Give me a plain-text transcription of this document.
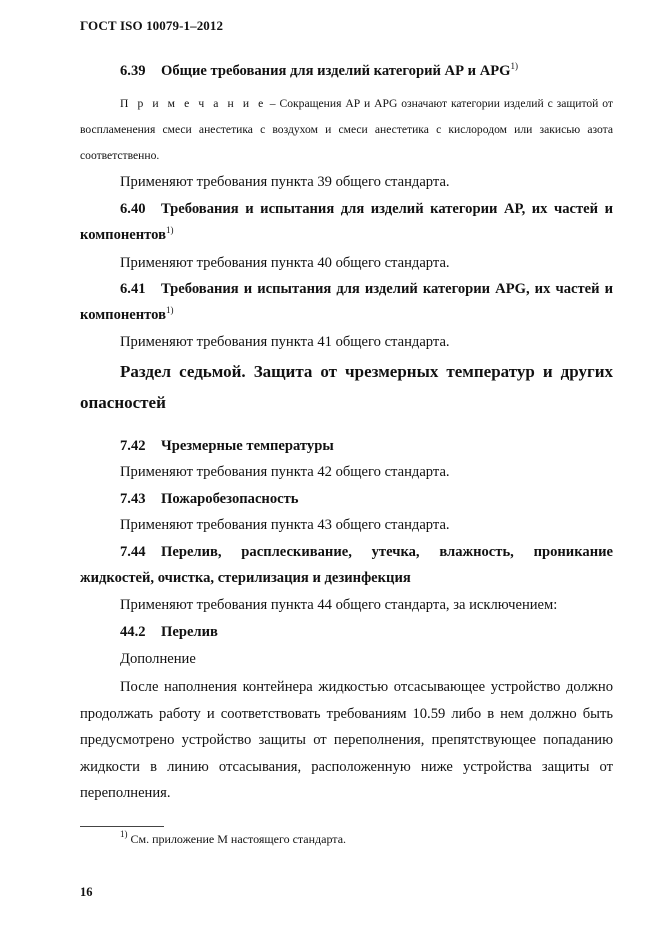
ГОСТ ISO 10079-1–2012

6.39 Общие требования для изделий категорий АР и APG$^{1)}$

П р и м е ч а н и е – Сокращения АР и APG означают категории изделий с защитой от воспламенения смеси анестетика с воздухом и смеси анестетика с кислородом или закисью азота соответственно.

Применяют требования пункта 39 общего стандарта.

6.40 Требования и испытания для изделий категории АР, их частей и компонентов$^{1)}$

Применяют требования пункта 40 общего стандарта.

6.41 Требования и испытания для изделий категории APG, их частей и компонентов$^{1)}$

Применяют требования пункта 41 общего стандарта.

Раздел седьмой. Защита от чрезмерных температур и других опасностей

7.42 Чрезмерные температуры

Применяют требования пункта 42 общего стандарта.

7.43 Пожаробезопасность

Применяют требования пункта 43 общего стандарта.

7.44 Перелив, расплескивание, утечка, влажность, проникание жидкостей, очистка, стерилизация и дезинфекция

Применяют требования пункта 44 общего стандарта, за исключением:

44.2 Перелив

Дополнение

После наполнения контейнера жидкостью отсасывающее устройство должно продолжать работу и соответствовать требованиям 10.59 либо в нем должно быть предусмотрено устройство защиты от переполнения, препятствующее попаданию жидкости в линию отсасывания, расположенную ниже устройства защиты от переполнения.

$^{1)}$ См. приложение М настоящего стандарта.
16
